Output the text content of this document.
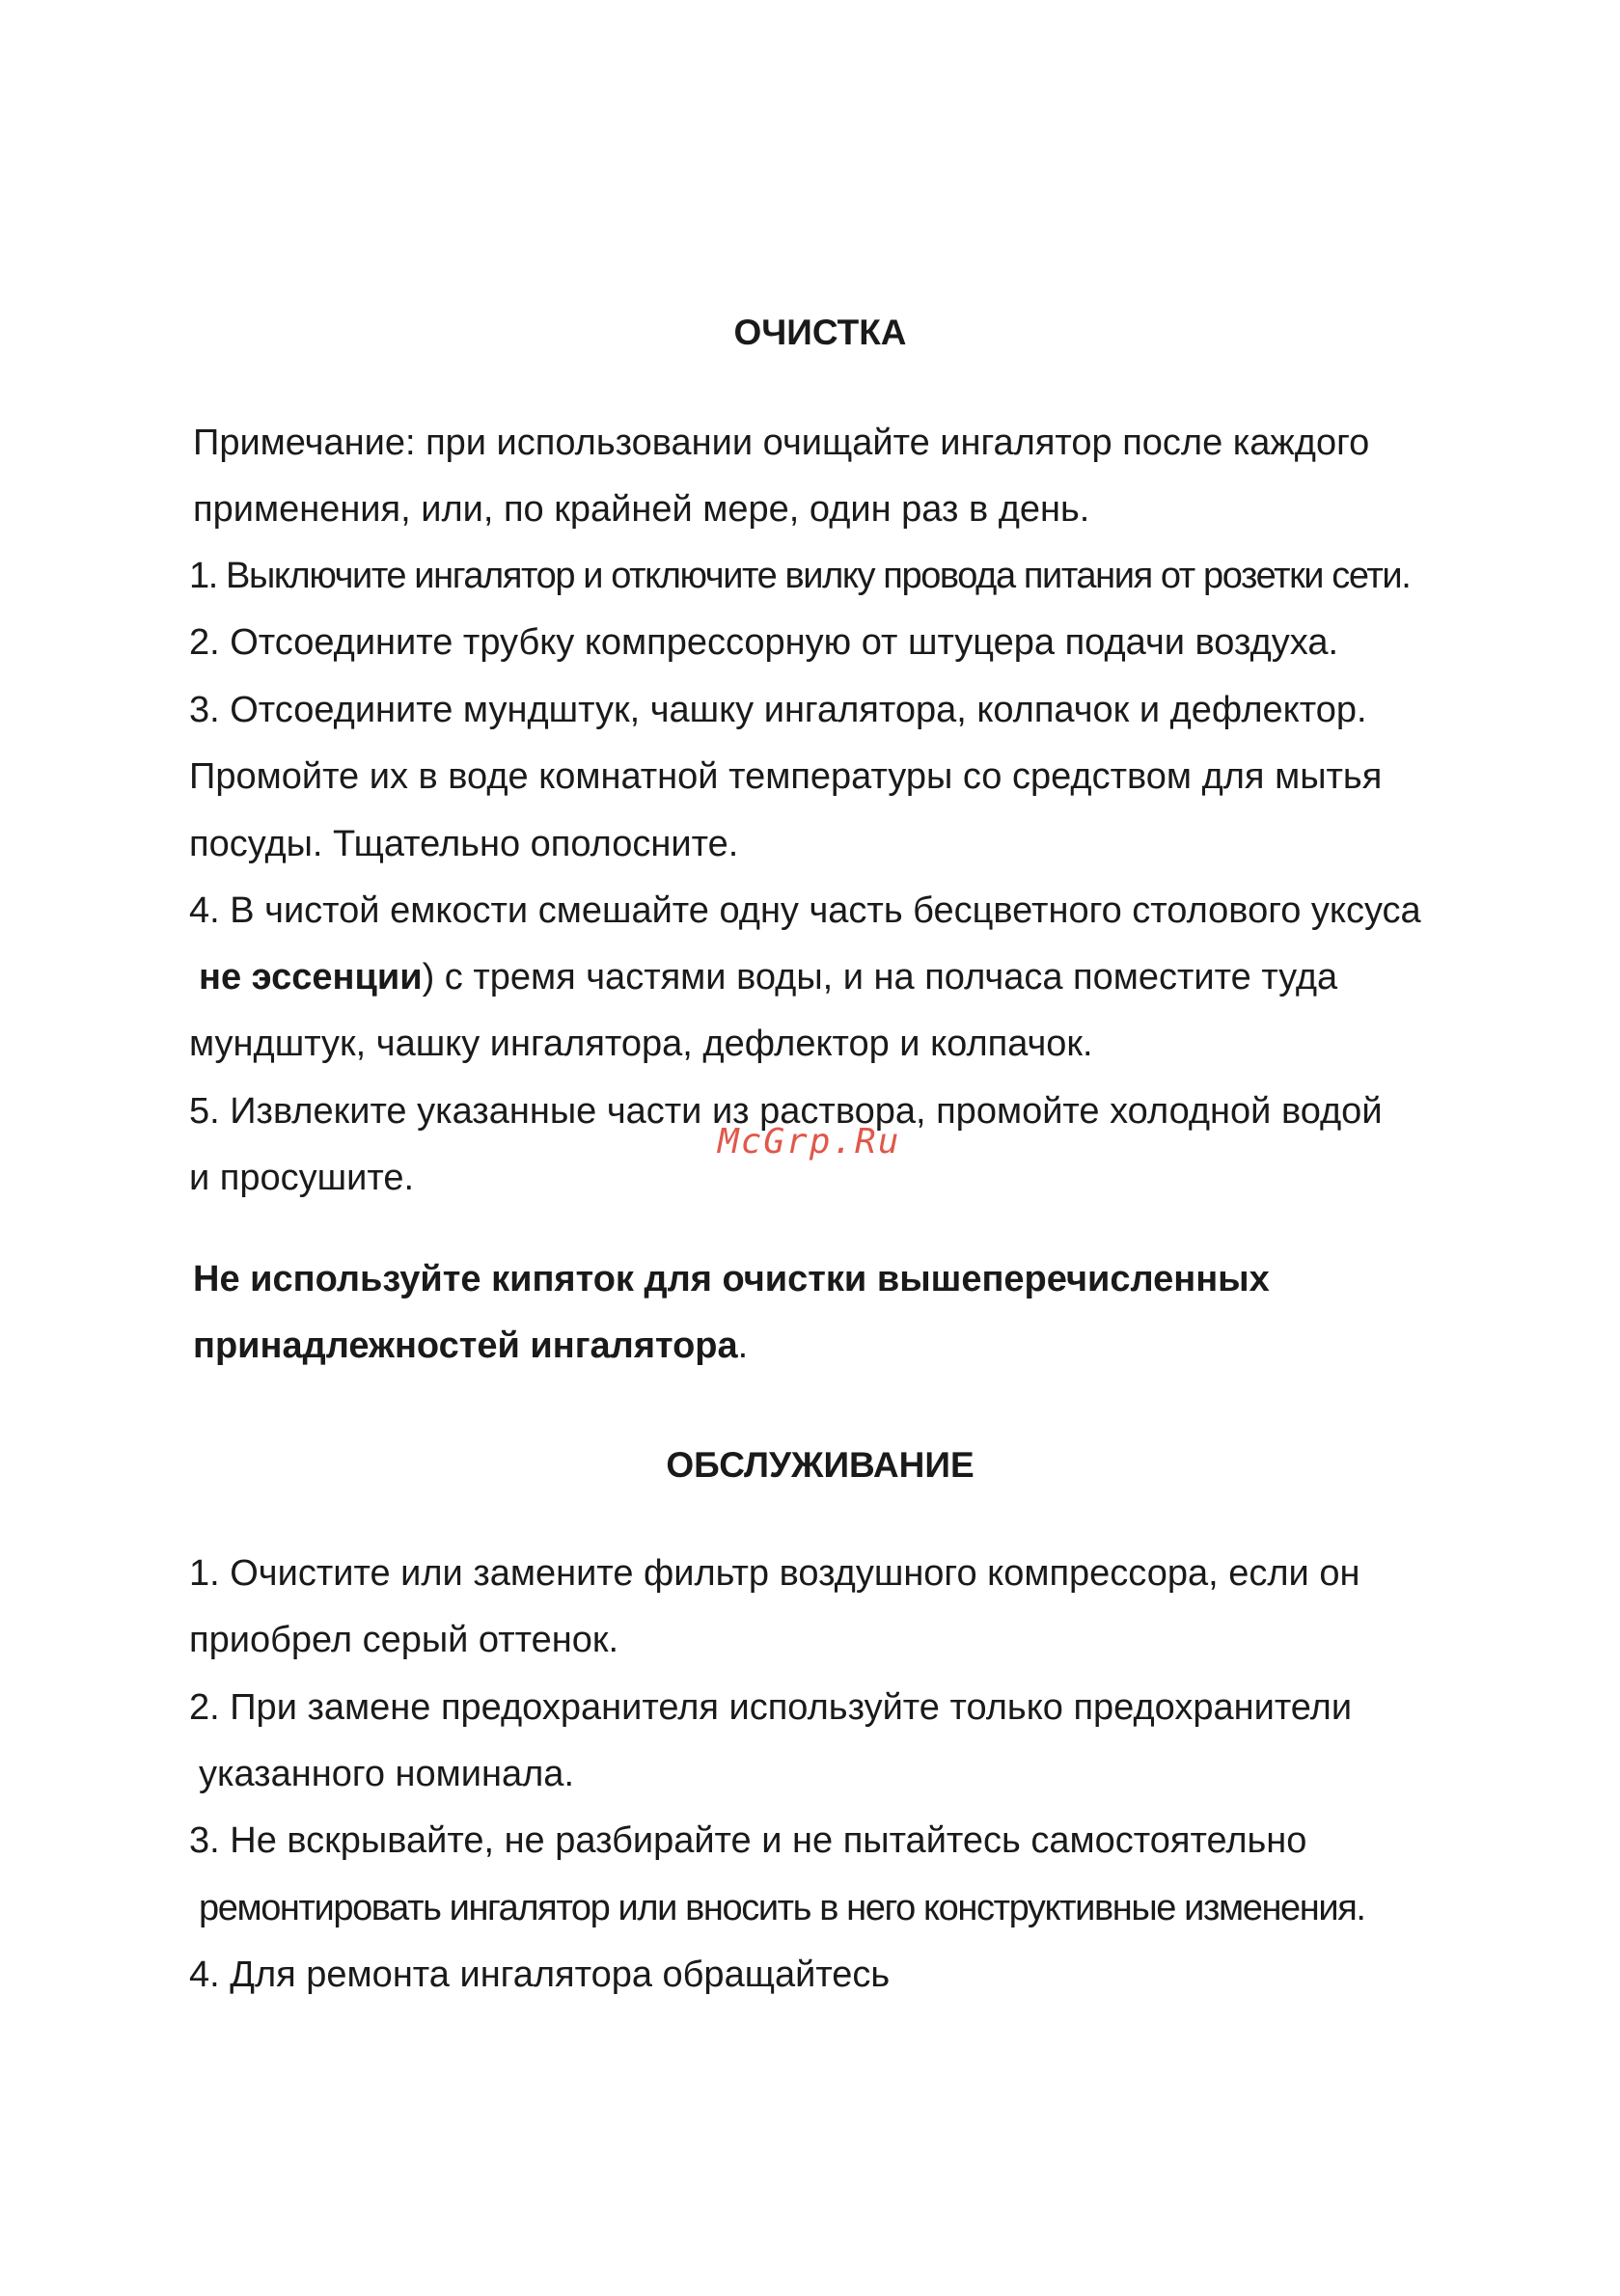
ОЧИСТКА

Примечание: при использовании очищайте ингалятор после каждого

применения, или, по крайней мере, один раз в день.

1. Выключите ингалятор и отключите вилку провода питания от розетки сети.

2. Отсоедините трубку компрессорную от штуцера подачи воздуха.

3. Отсоедините мундштук, чашку ингалятора, колпачок и дефлектор.

Промойте их в воде комнатной температуры со средством для мытья

посуды. Тщательно ополосните.

4. В чистой емкости смешайте одну часть бесцветного столового уксуса

не эссенции) с тремя частями воды, и на полчаса поместите туда

мундштук, чашку ингалятора, дефлектор и колпачок.

5. Извлеките указанные части из раствора, промойте холодной водой

и просушите.

McGrp.Ru

Не используйте кипяток для очистки вышеперечисленных

принадлежностей ингалятора.

ОБСЛУЖИВАНИЕ

1. Очистите или замените фильтр воздушного компрессора, если он

приобрел серый оттенок.

2. При замене предохранителя используйте только предохранители

указанного номинала.

3. Не вскрывайте, не разбирайте и не пытайтесь самостоятельно

ремонтировать ингалятор или вносить в него конструктивные изменения.

4. Для ремонта ингалятора обращайтесь
